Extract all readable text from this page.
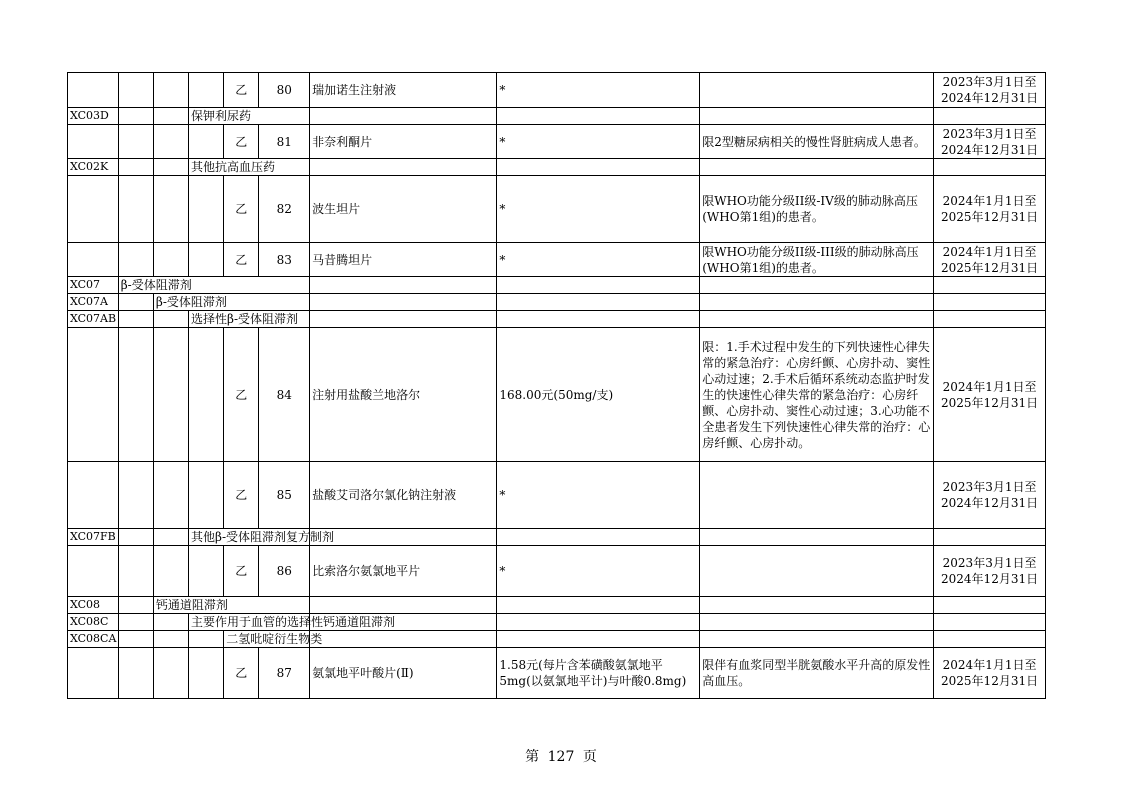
				乙	80	瑞加诺生注射液	*		2023年3月1日至
2024年12月31日

XC03D			保钾利尿药						
				乙	81	非奈利酮片	*	限2型糖尿病相关的慢性肾脏病成人患者。	2023年3月1日至
2024年12月31日

XC02K			其他抗高血压药						
				乙	82	波生坦片	*	限WHO功能分级II级-IV级的肺动脉高压(WHO第1组)的患者。	2024年1月1日至
2025年12月31日

				乙	83	马昔腾坦片	*	限WHO功能分级II级-III级的肺动脉高压(WHO第1组)的患者。	2024年1月1日至
2025年12月31日

XC07	β-受体阻滞剂								
XC07A		β-受体阻滞剂							
XC07AB			选择性β-受体阻滞剂						
				乙	84	注射用盐酸兰地洛尔	168.00元(50mg/支)	限：1.手术过程中发生的下列快速性心律失常的紧急治疗：心房纤颤、心房扑动、窦性心动过速；2.手术后循环系统动态监护时发生的快速性心律失常的紧急治疗：心房纤颤、心房扑动、窦性心动过速；3.心功能不全患者发生下列快速性心律失常的治疗：心房纤颤、心房扑动。	2024年1月1日至
2025年12月31日

				乙	85	盐酸艾司洛尔氯化钠注射液	*		2023年3月1日至
2024年12月31日

XC07FB			其他β-受体阻滞剂复方制剂						
				乙	86	比索洛尔氨氯地平片	*		2023年3月1日至
2024年12月31日

XC08		钙通道阻滞剂							
XC08C			主要作用于血管的选择性钙通道阻滞剂						
XC08CA				二氢吡啶衍生物类					
				乙	87	氨氯地平叶酸片(Ⅱ)	1.58元(每片含苯磺酸氨氯地平5mg(以氨氯地平计)与叶酸0.8mg)	限伴有血浆同型半胱氨酸水平升高的原发性高血压。	2024年1月1日至
2025年12月31日
第 127 页
